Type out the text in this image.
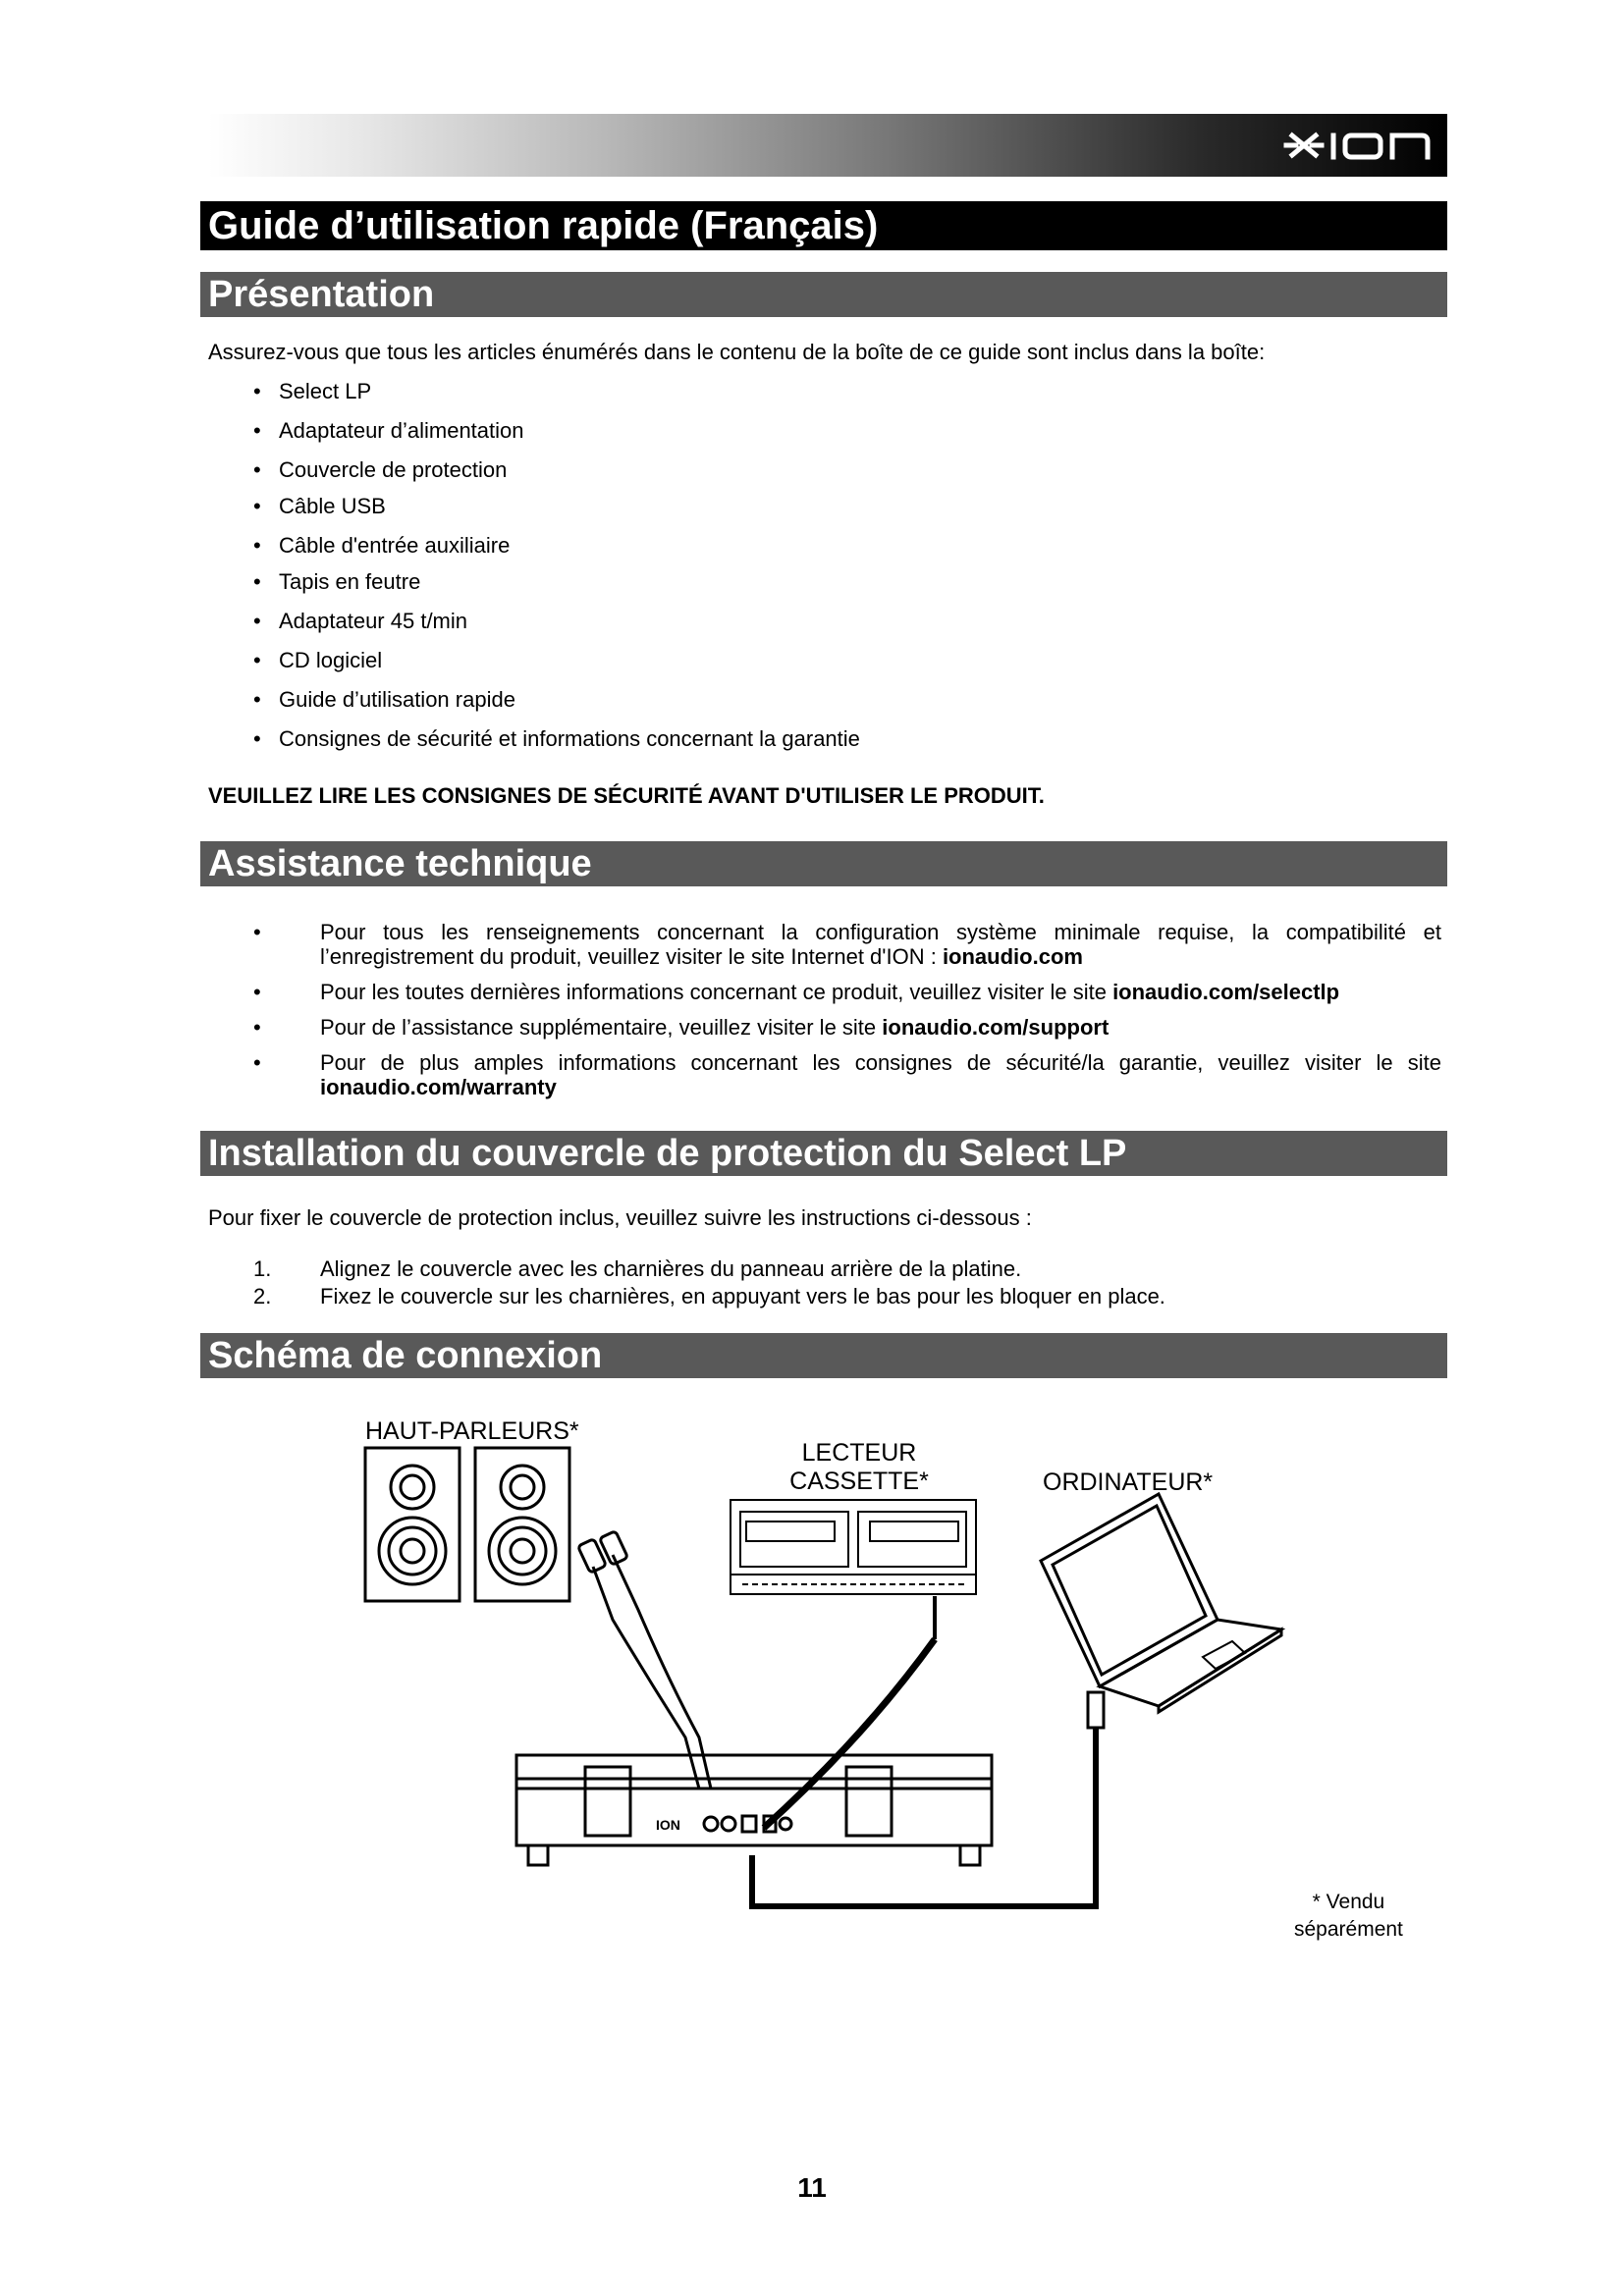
ION
Guide d’utilisation rapide (Français)
Présentation
Assurez-vous que tous les articles énumérés dans le contenu de la boîte de ce guide sont inclus dans la boîte:
• Select LP
• Adaptateur d’alimentation
• Couvercle de protection
• Câble USB
• Câble d'entrée auxiliaire
• Tapis en feutre
• Adaptateur 45 t/min
• CD logiciel
• Guide d’utilisation rapide
• Consignes de sécurité et informations concernant la garantie
VEUILLEZ LIRE LES CONSIGNES DE SÉCURITÉ AVANT D'UTILISER LE PRODUIT.
Assistance technique
• Pour tous les renseignements concernant la configuration système minimale requise, la compatibilité et l’enregistrement du produit, veuillez visiter le site Internet d'ION : ionaudio.com
• Pour les toutes dernières informations concernant ce produit, veuillez visiter le site ionaudio.com/selectlp
• Pour de l’assistance supplémentaire, veuillez visiter le site ionaudio.com/support
• Pour de plus amples informations concernant les consignes de sécurité/la garantie, veuillez visiter le site ionaudio.com/warranty
Installation du couvercle de protection du Select LP
Pour fixer le couvercle de protection inclus, veuillez suivre les instructions ci-dessous :
1. Alignez le couvercle avec les charnières du panneau arrière de la platine.
2. Fixez le couvercle sur les charnières, en appuyant vers le bas pour les bloquer en place.
Schéma de connexion
HAUT-PARLEURS*
LECTEUR
CASSETTE*	ORDINATEUR*
* Vendu
séparément
ION
11
